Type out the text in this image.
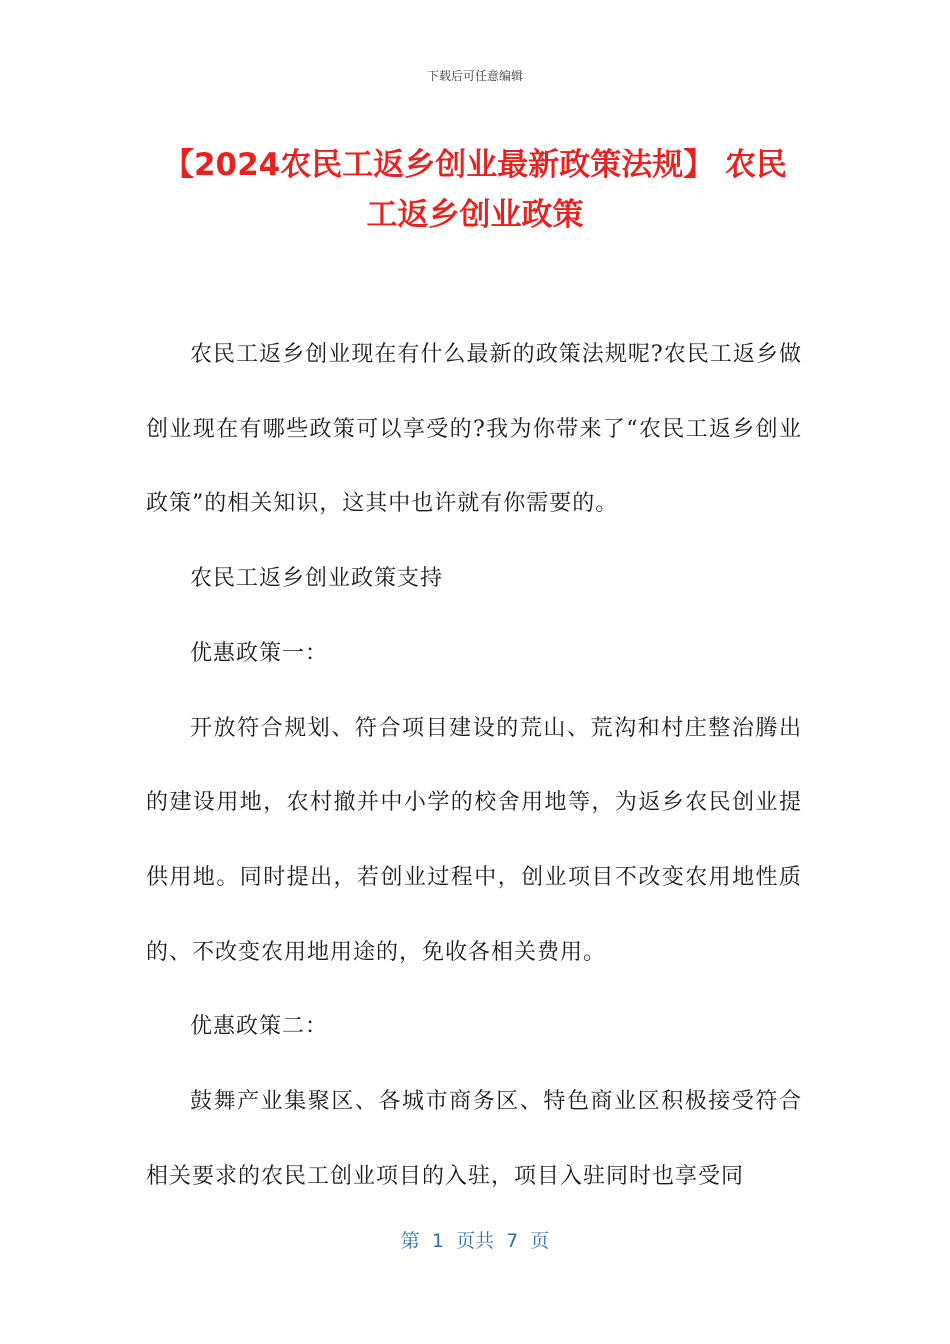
下载后可任意编辑
【2024农民工返乡创业最新政策法规】 农民工返乡创业政策

农民工返乡创业现在有什么最新的政策法规呢?农民工返乡做创业现在有哪些政策可以享受的?我为你带来了“农民工返乡创业政策”的相关知识，这其中也许就有你需要的。

农民工返乡创业政策支持

优惠政策一：

开放符合规划、符合项目建设的荒山、荒沟和村庄整治腾出的建设用地，农村撤并中小学的校舍用地等，为返乡农民创业提供用地。同时提出，若创业过程中，创业项目不改变农用地性质的、不改变农用地用途的，免收各相关费用。

优惠政策二：

鼓舞产业集聚区、各城市商务区、特色商业区积极接受符合相关要求的农民工创业项目的入驻，项目入驻同时也享受同

第  1  页共  7  页
